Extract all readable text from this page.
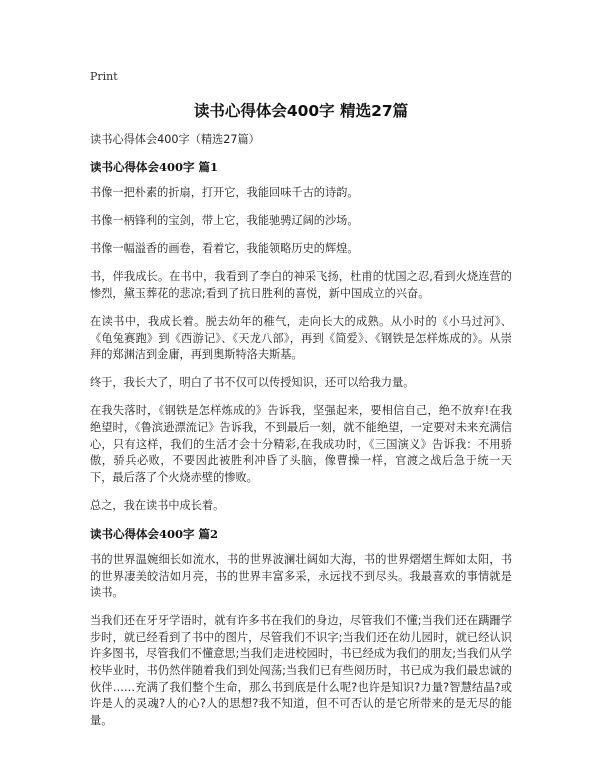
Print
读书心得体会400字 精选27篇
读书心得体会400字（精选27篇）
读书心得体会400字 篇1

书像一把朴素的折扇，打开它，我能回味千古的诗韵。

书像一柄锋利的宝剑，带上它，我能驰骋辽阔的沙场。

书像一幅溢香的画卷，看着它，我能领略历史的辉煌。

书，伴我成长。在书中，我看到了李白的神采飞扬，杜甫的忧国之忍,看到火烧连营的惨烈，黛玉葬花的悲凉;看到了抗日胜利的喜悦，新中国成立的兴奋。

在读书中，我成长着。脱去幼年的稚气，走向长大的成熟。从小时的《小马过河》、《龟兔赛跑》到《西游记》、《天龙八部》，再到《简爱》、《钢铁是怎样炼成的》。从崇拜的郑渊洁到金庸，再到奥斯特洛夫斯基。

终于，我长大了，明白了书不仅可以传授知识，还可以给我力量。

在我失落时，《钢铁是怎样炼成的》告诉我，坚强起来，要相信自己，绝不放弃!在我绝望时，《鲁滨逊漂流记》告诉我，不到最后一刻，就不能绝望，一定要对未来充满信心，只有这样，我们的生活才会十分精彩,在我成功时，《三国演义》告诉我：不用骄傲，骄兵必败，不要因此被胜利冲昏了头脑，像曹操一样，官渡之战后急于统一天下，最后落了个火烧赤壁的惨败。

总之，我在读书中成长着。

读书心得体会400字 篇2

书的世界温婉细长如流水，书的世界波澜壮阔如大海，书的世界熠熠生辉如太阳，书的世界凄美皎洁如月亮，书的世界丰富多采，永远找不到尽头。我最喜欢的事情就是读书。

当我们还在牙牙学语时，就有许多书在我们的身边，尽管我们不懂;当我们还在蹒跚学步时，就已经看到了书中的图片，尽管我们不识字;当我们还在幼儿园时，就已经认识许多图书，尽管我们不懂意思;当我们走进校园时，书已经成为我们的朋友;当我们从学校毕业时，书仍然伴随着我们到处闯荡;当我们已有些阅历时，书已成为我们最忠诚的伙伴……充满了我们整个生命，那么书到底是什么呢?也许是知识?力量?智慧结晶?或许是人的灵魂?人的心?人的思想?我不知道，但不可否认的是它所带来的是无尽的能量。
